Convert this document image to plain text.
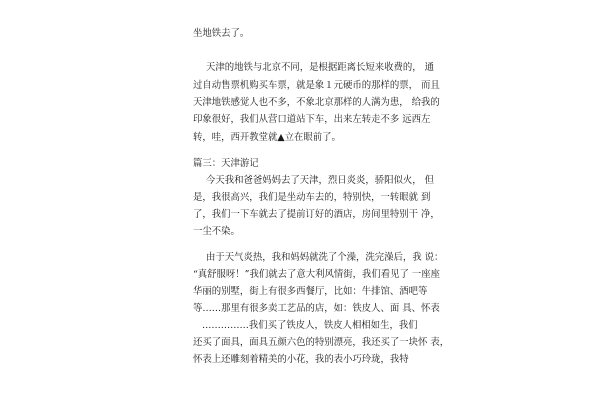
坐地铁去了。
天津的地铁与北京不同，是根据距离长短来收费的， 通
过自动售票机购买车票，就是象１元硬币的那样的票， 而且
天津地铁感觉人也不多，不象北京那样的人满为患， 给我的
印象很好，我们从营口道站下车，出来左转走不多 远西左
转，哇，西开教堂就▲立在眼前了。
篇三：天津游记
今天我和爸爸妈妈去了天津，烈日炎炎，骄阳似火， 但
是，我很高兴，我们是坐动车去的，特别快，一转眼就 到
了，我们一下车就去了提前订好的酒店，房间里特别干 净，
一尘不染。
由于天气炎热，我和妈妈就洗了个澡，洗完澡后，我 说：
“真舒服呀！”我们就去了意大利风情街，我们看见了 一座座
华丽的别墅，街上有很多西餐厅，比如：牛排馆、酒吧等
等……那里有很多卖工艺品的店，如：铁皮人、面 具、怀表
……………我们买了铁皮人，铁皮人相相如生，我们
还买了面具，面具五颜六色的特别漂亮，我还买了一块怀 表，
怀表上还雕刻着精美的小花，我的表小巧玲珑，我特
